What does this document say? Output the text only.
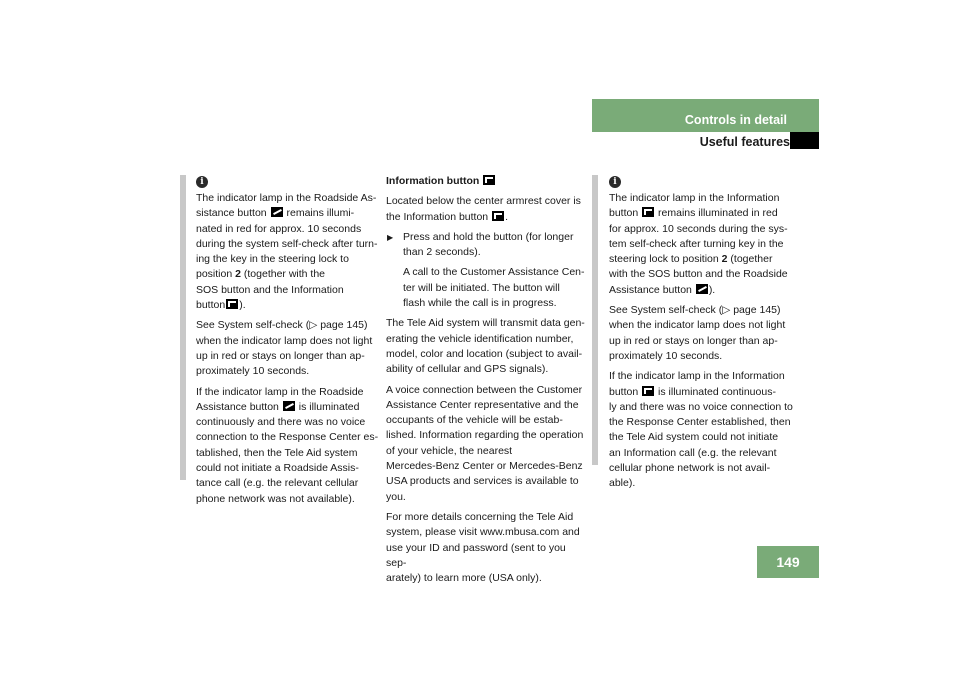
Controls in detail
Useful features
i

The indicator lamp in the Roadside As-
sistance button remains illumi-
nated in red for approx. 10 seconds
during the system self-check after turn-
ing the key in the steering lock to
position 2 (together with the
SOS button and the Information
button ).

See System self-check (▷ page 145)
when the indicator lamp does not light
up in red or stays on longer than ap-
proximately 10 seconds.

If the indicator lamp in the Roadside
Assistance button is illuminated
continuously and there was no voice
connection to the Response Center es-
tablished, then the Tele Aid system
could not initiate a Roadside Assis-
tance call (e.g. the relevant cellular
phone network was not available).

Information button

Located below the center armrest cover is
the Information button .

▶ Press and hold the button (for longer
than 2 seconds).

A call to the Customer Assistance Cen-
ter will be initiated. The button will
flash while the call is in progress.

The Tele Aid system will transmit data gen-
erating the vehicle identification number,
model, color and location (subject to avail-
ability of cellular and GPS signals).

A voice connection between the Customer
Assistance Center representative and the
occupants of the vehicle will be estab-
lished. Information regarding the operation
of your vehicle, the nearest
Mercedes-Benz Center or Mercedes-Benz
USA products and services is available to
you.

For more details concerning the Tele Aid
system, please visit www.mbusa.com and
use your ID and password (sent to you sep-
arately) to learn more (USA only).

i

The indicator lamp in the Information
button remains illuminated in red
for approx. 10 seconds during the sys-
tem self-check after turning key in the
steering lock to position 2 (together
with the SOS button and the Roadside
Assistance button ).

See System self-check (▷ page 145)
when the indicator lamp does not light
up in red or stays on longer than ap-
proximately 10 seconds.

If the indicator lamp in the Information
button is illuminated continuous-
ly and there was no voice connection to
the Response Center established, then
the Tele Aid system could not initiate
an Information call (e.g. the relevant
cellular phone network is not avail-
able).

149
